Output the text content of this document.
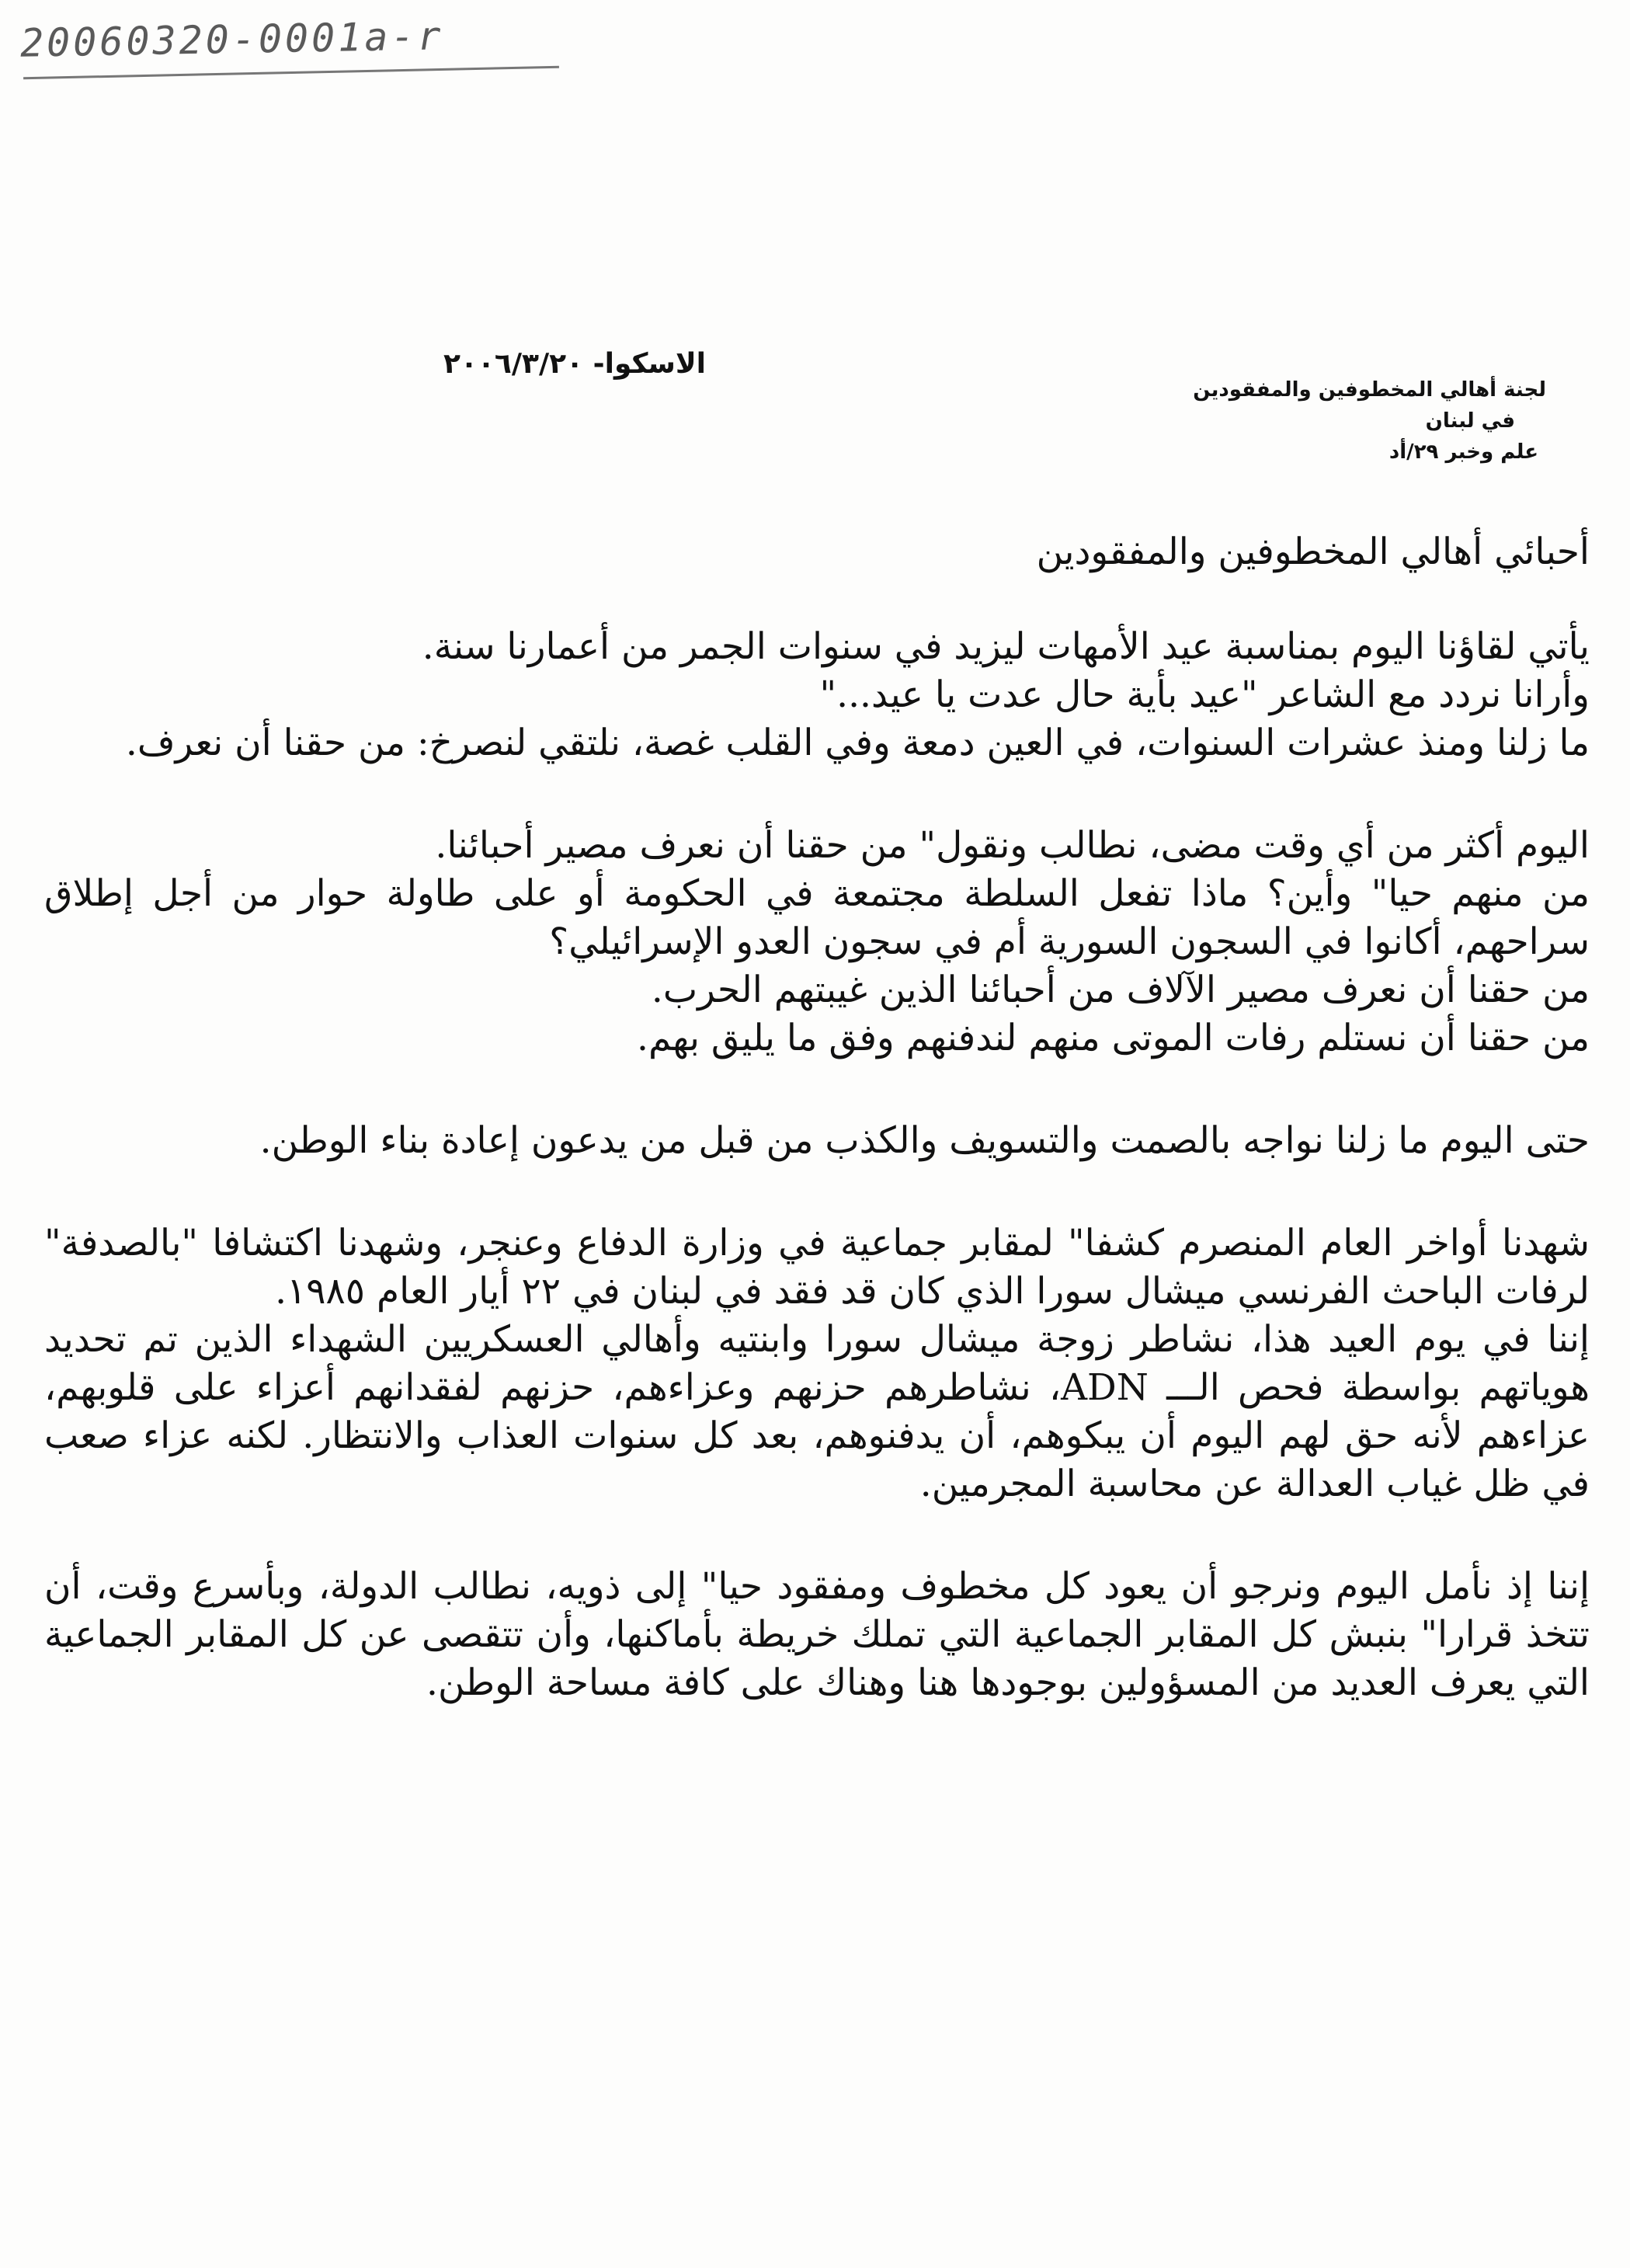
20060320-0001a-r
الاسكوا- ٢٠٠٦/٣/٢٠
لجنة أهالي المخطوفين والمفقودين
في لبنان
علم وخبر ٢٩/أد

أحبائي أهالي المخطوفين والمفقودين

يأتي لقاؤنا اليوم بمناسبة عيد الأمهات ليزيد في سنوات الجمر من أعمارنا سنة.
وأرانا نردد مع الشاعر "عيد بأية حال عدت يا عيد..."
ما زلنا ومنذ عشرات السنوات، في العين دمعة وفي القلب غصة، نلتقي لنصرخ: من حقنا أن نعرف.

اليوم أكثر من أي وقت مضى، نطالب ونقول" من حقنا أن نعرف مصير أحبائنا.
من منهم حيا" وأين؟ ماذا تفعل السلطة مجتمعة في الحكومة أو على طاولة حوار من أجل إطلاق سراحهم، أكانوا في السجون السورية أم في سجون العدو الإسرائيلي؟
من حقنا أن نعرف مصير الآلاف من أحبائنا الذين غيبتهم الحرب.
من حقنا أن نستلم رفات الموتى منهم لندفنهم وفق ما يليق بهم.

حتى اليوم ما زلنا نواجه بالصمت والتسويف والكذب من قبل من يدعون إعادة بناء الوطن.

شهدنا أواخر العام المنصرم كشفا" لمقابر جماعية في وزارة الدفاع وعنجر، وشهدنا اكتشافا "بالصدفة" لرفات الباحث الفرنسي ميشال سورا الذي كان قد فقد في لبنان في ٢٢ أيار العام ١٩٨٥.
إننا في يوم العيد هذا، نشاطر زوجة ميشال سورا وابنتيه وأهالي العسكريين الشهداء الذين تم تحديد هوياتهم بواسطة فحص الـــ ADN، نشاطرهم حزنهم وعزاءهم، حزنهم لفقدانهم أعزاء على قلوبهم، عزاءهم لأنه حق لهم اليوم أن يبكوهم، أن يدفنوهم، بعد كل سنوات العذاب والانتظار. لكنه عزاء صعب في ظل غياب العدالة عن محاسبة المجرمين.

إننا إذ نأمل اليوم ونرجو أن يعود كل مخطوف ومفقود حيا" إلى ذويه، نطالب الدولة، وبأسرع وقت، أن تتخذ قرارا" بنبش كل المقابر الجماعية التي تملك خريطة بأماكنها، وأن تتقصى عن كل المقابر الجماعية التي يعرف العديد من المسؤولين بوجودها هنا وهناك على كافة مساحة الوطن.
